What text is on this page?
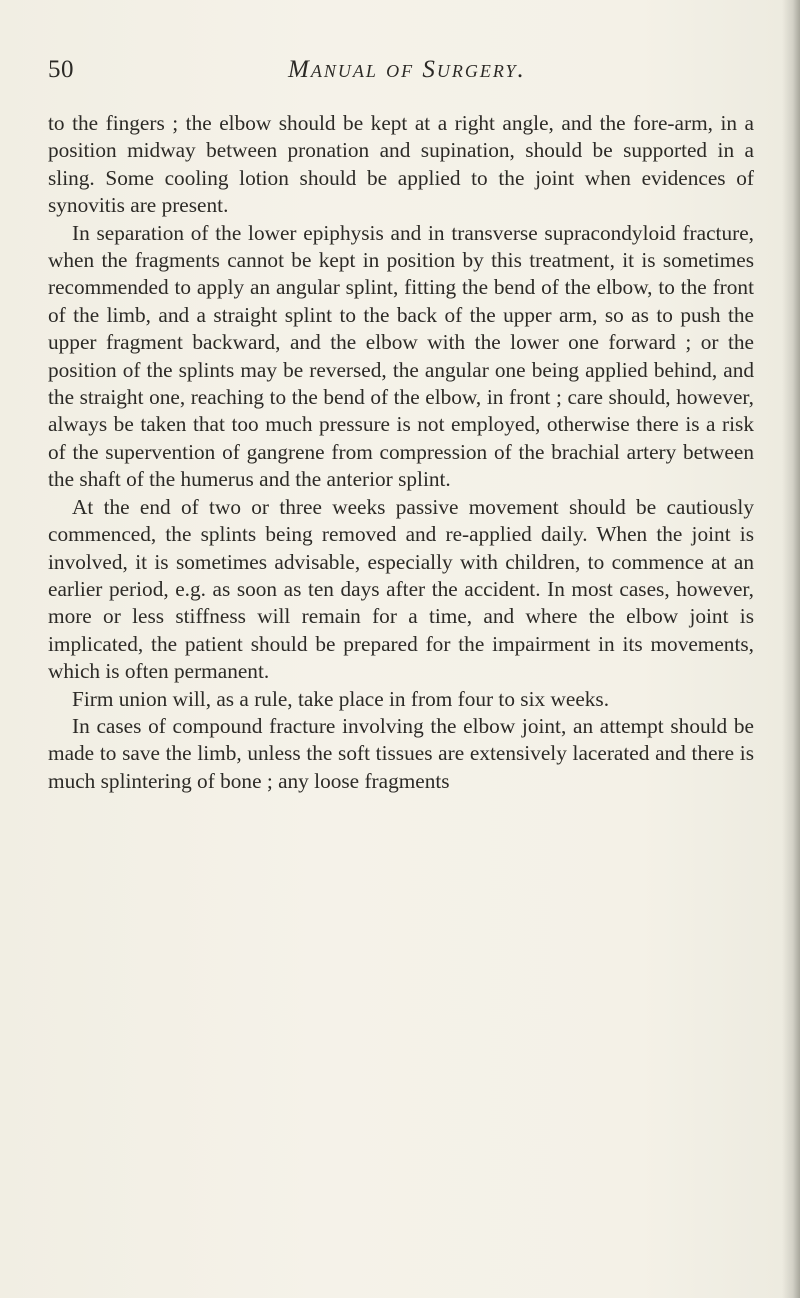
50	Manual of Surgery.

to the fingers ; the elbow should be kept at a right angle, and the fore-arm, in a position midway between pronation and supination, should be supported in a sling. Some cooling lotion should be applied to the joint when evidences of synovitis are present.

In separation of the lower epiphysis and in transverse supracondyloid fracture, when the fragments cannot be kept in position by this treatment, it is sometimes recommended to apply an angular splint, fitting the bend of the elbow, to the front of the limb, and a straight splint to the back of the upper arm, so as to push the upper fragment backward, and the elbow with the lower one forward ; or the position of the splints may be reversed, the angular one being applied behind, and the straight one, reaching to the bend of the elbow, in front ; care should, however, always be taken that too much pressure is not employed, otherwise there is a risk of the supervention of gangrene from compression of the brachial artery between the shaft of the humerus and the anterior splint.

At the end of two or three weeks passive movement should be cautiously commenced, the splints being removed and re-applied daily. When the joint is involved, it is sometimes advisable, especially with children, to commence at an earlier period, e.g. as soon as ten days after the accident. In most cases, however, more or less stiffness will remain for a time, and where the elbow joint is implicated, the patient should be prepared for the impairment in its movements, which is often permanent.

Firm union will, as a rule, take place in from four to six weeks.

In cases of compound fracture involving the elbow joint, an attempt should be made to save the limb, unless the soft tissues are extensively lacerated and there is much splintering of bone ; any loose fragments
